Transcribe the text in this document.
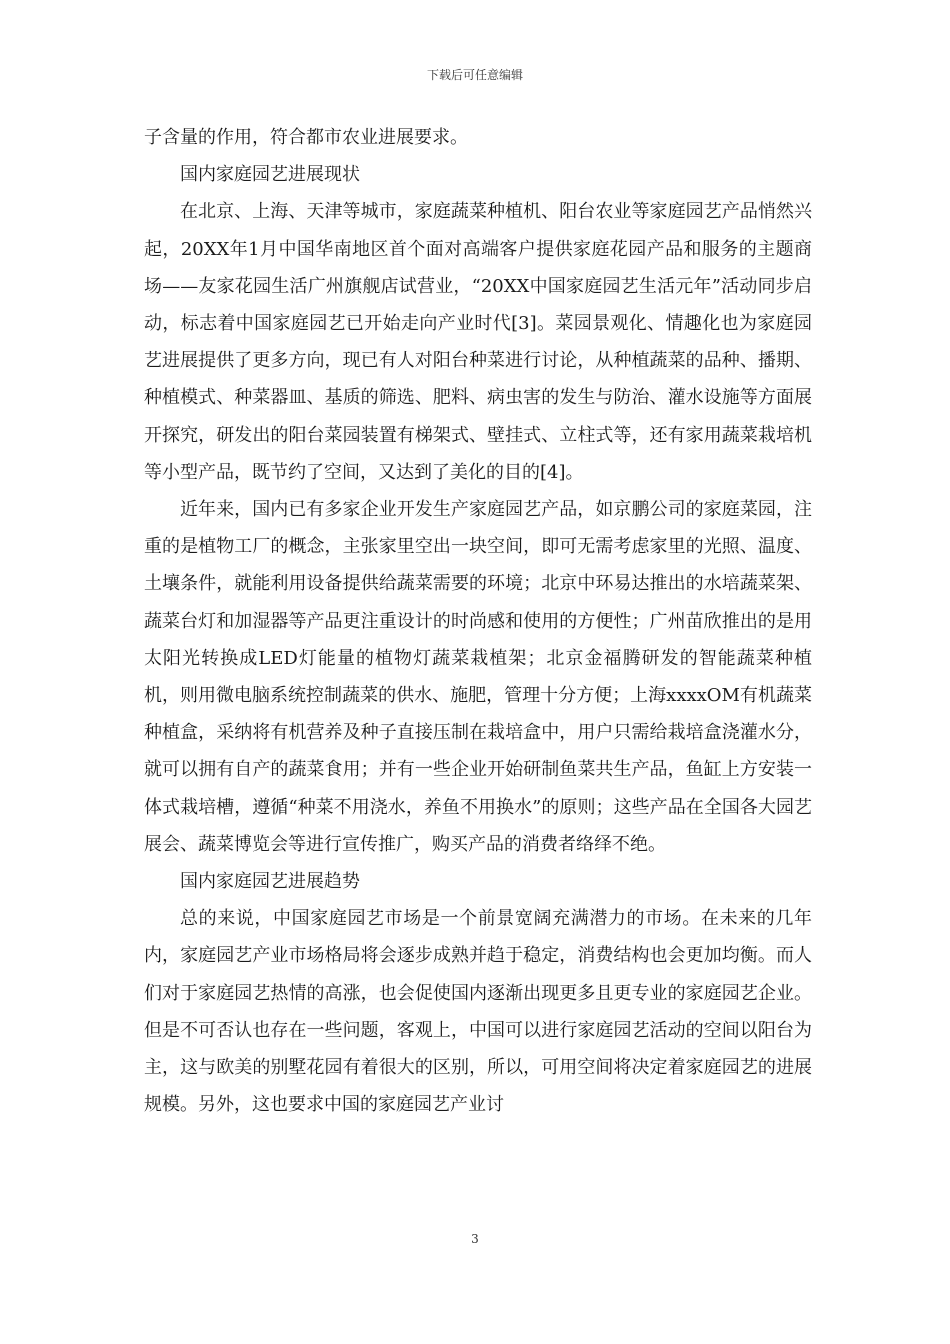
下载后可任意编辑

子含量的作用，符合都市农业进展要求。

国内家庭园艺进展现状

在北京、上海、天津等城市，家庭蔬菜种植机、阳台农业等家庭园艺产品悄然兴起，20XX年1月中国华南地区首个面对高端客户提供家庭花园产品和服务的主题商场——友家花园生活广州旗舰店试营业，“20XX中国家庭园艺生活元年”活动同步启动，标志着中国家庭园艺已开始走向产业时代[3]。菜园景观化、情趣化也为家庭园艺进展提供了更多方向，现已有人对阳台种菜进行讨论，从种植蔬菜的品种、播期、种植模式、种菜器皿、基质的筛选、肥料、病虫害的发生与防治、灌水设施等方面展开探究，研发出的阳台菜园装置有梯架式、壁挂式、立柱式等，还有家用蔬菜栽培机等小型产品，既节约了空间，又达到了美化的目的[4]。

近年来，国内已有多家企业开发生产家庭园艺产品，如京鹏公司的家庭菜园，注重的是植物工厂的概念，主张家里空出一块空间，即可无需考虑家里的光照、温度、土壤条件，就能利用设备提供给蔬菜需要的环境；北京中环易达推出的水培蔬菜架、蔬菜台灯和加湿器等产品更注重设计的时尚感和使用的方便性；广州苗欣推出的是用太阳光转换成LED灯能量的植物灯蔬菜栽植架；北京金福腾研发的智能蔬菜种植机，则用微电脑系统控制蔬菜的供水、施肥，管理十分方便；上海xxxxOM有机蔬菜种植盒，采纳将有机营养及种子直接压制在栽培盒中，用户只需给栽培盒浇灌水分，就可以拥有自产的蔬菜食用；并有一些企业开始研制鱼菜共生产品，鱼缸上方安装一体式栽培槽，遵循“种菜不用浇水，养鱼不用换水”的原则；这些产品在全国各大园艺展会、蔬菜博览会等进行宣传推广，购买产品的消费者络绎不绝。

国内家庭园艺进展趋势

总的来说，中国家庭园艺市场是一个前景宽阔充满潜力的市场。在未来的几年内，家庭园艺产业市场格局将会逐步成熟并趋于稳定，消费结构也会更加均衡。而人们对于家庭园艺热情的高涨，也会促使国内逐渐出现更多且更专业的家庭园艺企业。但是不可否认也存在一些问题，客观上，中国可以进行家庭园艺活动的空间以阳台为主，这与欧美的别墅花园有着很大的区别，所以，可用空间将决定着家庭园艺的进展规模。另外，这也要求中国的家庭园艺产业讨

3
